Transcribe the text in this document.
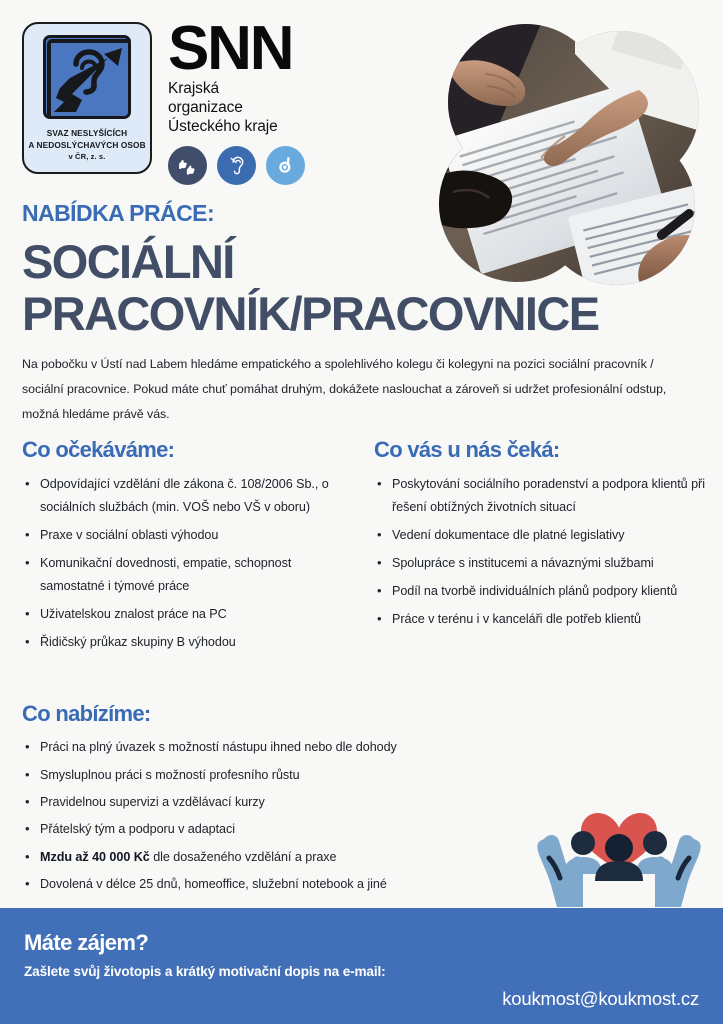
SVAZ NESLYŠÍCÍCH
A NEDOSLÝCHAVÝCH OSOB
v ČR, z. s.
SNN
Krajská
organizace
Ústeckého kraje
NABÍDKA PRÁCE:
SOCIÁLNÍ
PRACOVNÍK/PRACOVNICE
Na pobočku v Ústí nad Labem hledáme empatického a spolehlivého kolegu či kolegyni na pozici sociální pracovník / sociální pracovnice. Pokud máte chuť pomáhat druhým, dokážete naslouchat a zároveň si udržet profesionální odstup, možná hledáme právě vás.
Co očekáváme:
• Odpovídající vzdělání dle zákona č. 108/2006 Sb., o sociálních službách (min. VOŠ nebo VŠ v oboru)
• Praxe v sociální oblasti výhodou
• Komunikační dovednosti, empatie, schopnost samostatné i týmové práce
• Uživatelskou znalost práce na PC
• Řidičský průkaz skupiny B výhodou
Co vás u nás čeká:
• Poskytování sociálního poradenství a podpora klientů při řešení obtížných životních situací
• Vedení dokumentace dle platné legislativy
• Spolupráce s institucemi a návaznými službami
• Podíl na tvorbě individuálních plánů podpory klientů
• Práce v terénu i v kanceláři dle potřeb klientů
Co nabízíme:
• Práci na plný úvazek s možností nástupu ihned nebo dle dohody
• Smysluplnou práci s možností profesního růstu
• Pravidelnou supervizi a vzdělávací kurzy
• Přátelský tým a podporu v adaptaci
• Mzdu až 40 000 Kč dle dosaženého vzdělání a praxe
• Dovolená v délce 25 dnů, homeoffice, služební notebook a jiné
Máte zájem?
Zašlete svůj životopis a krátký motivační dopis na e-mail:
koukmost@koukmost.cz
